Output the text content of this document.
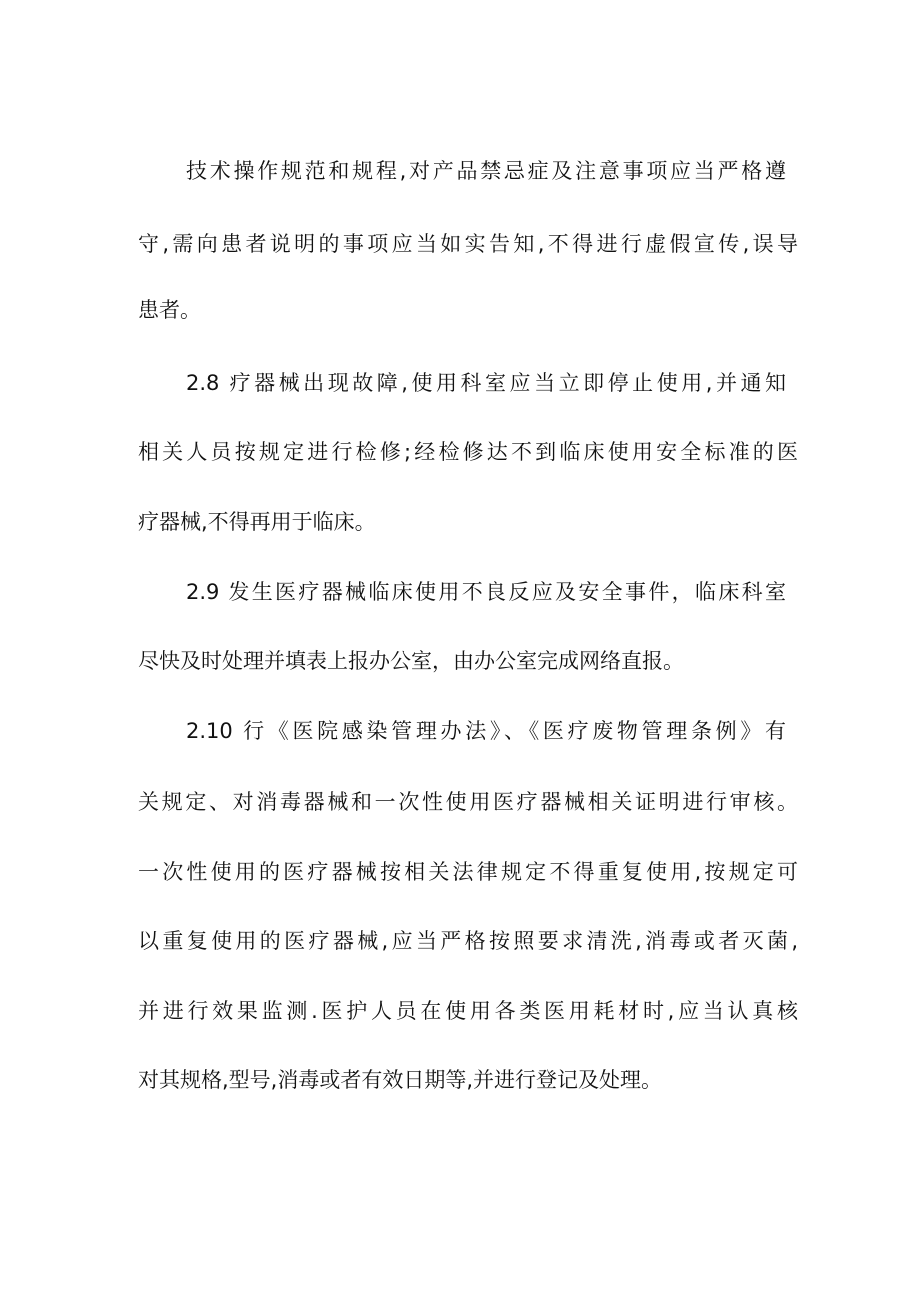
技术操作规范和规程,对产品禁忌症及注意事项应当严格遵
守,需向患者说明的事项应当如实告知,不得进行虚假宣传,误导
患者。
2.8 疗器械出现故障,使用科室应当立即停止使用,并通知
相关人员按规定进行检修;经检修达不到临床使用安全标准的医
疗器械,不得再用于临床。
2.9 发生医疗器械临床使用不良反应及安全事件，临床科室
尽快及时处理并填表上报办公室，由办公室完成网络直报。
2.10 行《医院感染管理办法》、《医疗废物管理条例》有
关规定、对消毒器械和一次性使用医疗器械相关证明进行审核。
一次性使用的医疗器械按相关法律规定不得重复使用,按规定可
以重复使用的医疗器械,应当严格按照要求清洗,消毒或者灭菌,
并进行效果监测.医护人员在使用各类医用耗材时,应当认真核
对其规格,型号,消毒或者有效日期等,并进行登记及处理。
